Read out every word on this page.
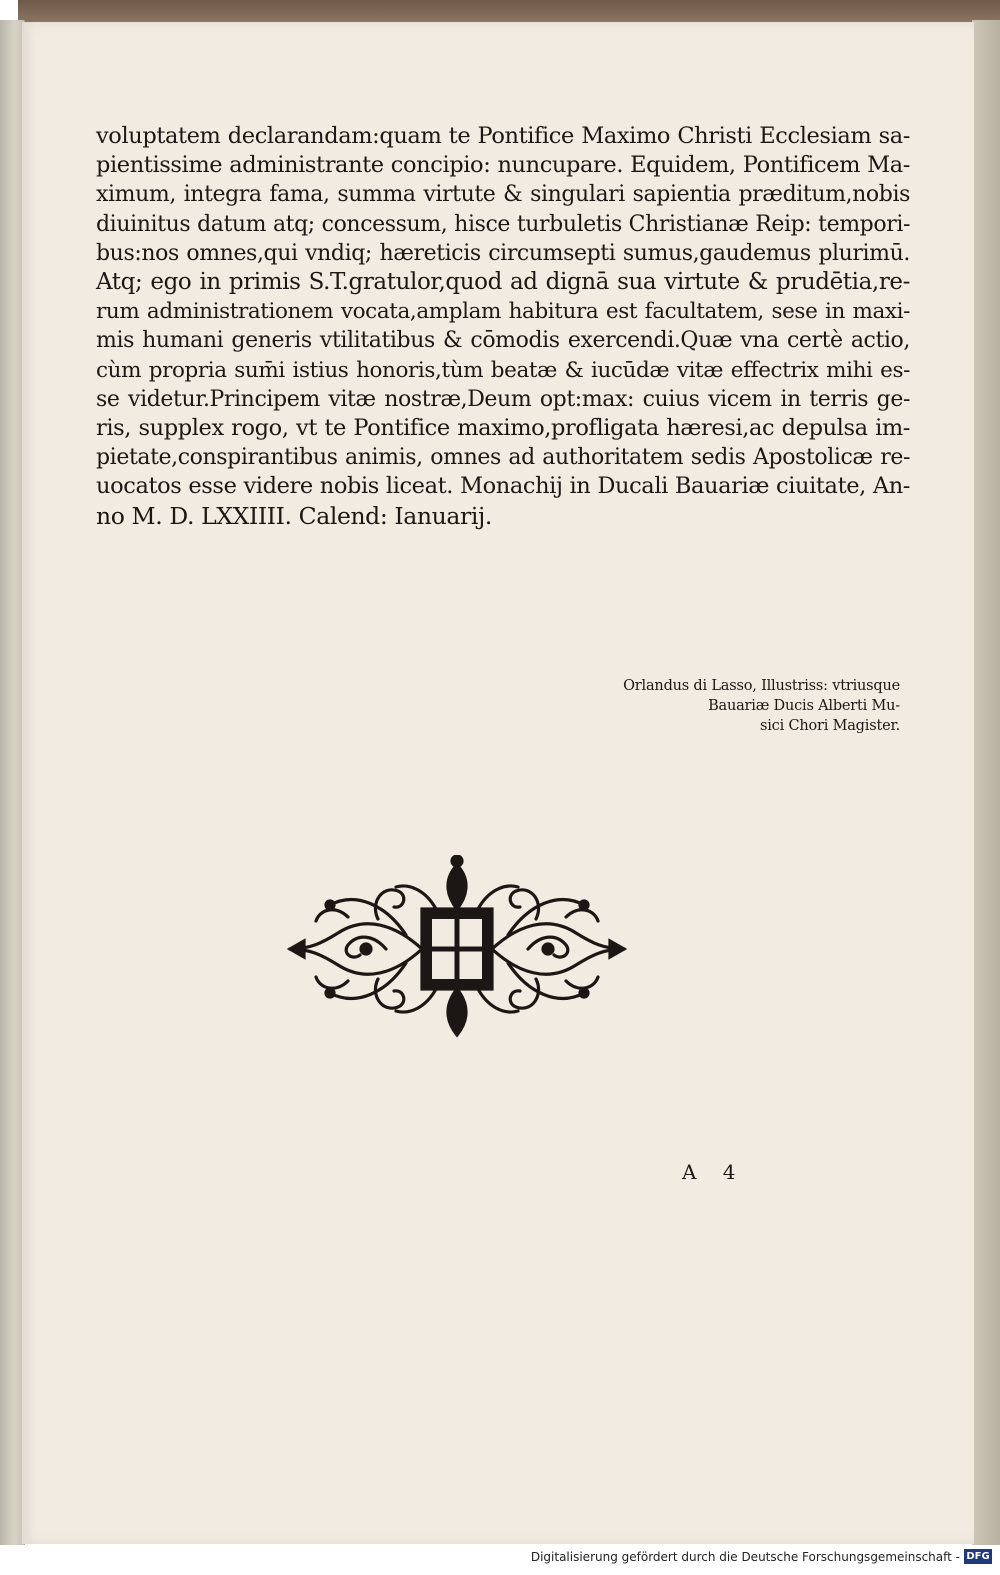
voluptatem declarandam:quam te Pontifice Maximo Christi Ecclesiam sa-
pientissime administrante concipio: nuncupare. Equidem, Pontificem Ma-
ximum, integra fama, summa virtute & singulari sapientia præditum,nobis
diuinitus datum atq; concessum, hisce turbuletis Christianæ Reip: tempori-
bus:nos omnes,qui vndiq; hæreticis circumsepti sumus,gaudemus plurimū.
Atq; ego in primis S.T.gratulor,quod ad dignā sua virtute & prudētia,re-
rum administrationem vocata,amplam habitura est facultatem, sese in maxi-
mis humani generis vtilitatibus & cōmodis exercendi.Quæ vna certè actio,
cùm propria sum̄i istius honoris,tùm beatæ & iucūdæ vitæ effectrix mihi es-
se videtur.Principem vitæ nostræ,Deum opt:max: cuius vicem in terris ge-
ris, supplex rogo, vt te Pontifice maximo,profligata hæresi,ac depulsa im-
pietate,conspirantibus animis, omnes ad authoritatem sedis Apostolicæ re-
uocatos esse videre nobis liceat. Monachij in Ducali Bauariæ ciuitate, An-
no M. D. LXXIIII. Calend: Ianuarij.
Orlandus di Lasso, Illustriss: vtriusque
Bauariæ Ducis Alberti Mu-
sici Chori Magister.
A 4
Digitalisierung gefördert durch die Deutsche Forschungsgemeinschaft - DFG
